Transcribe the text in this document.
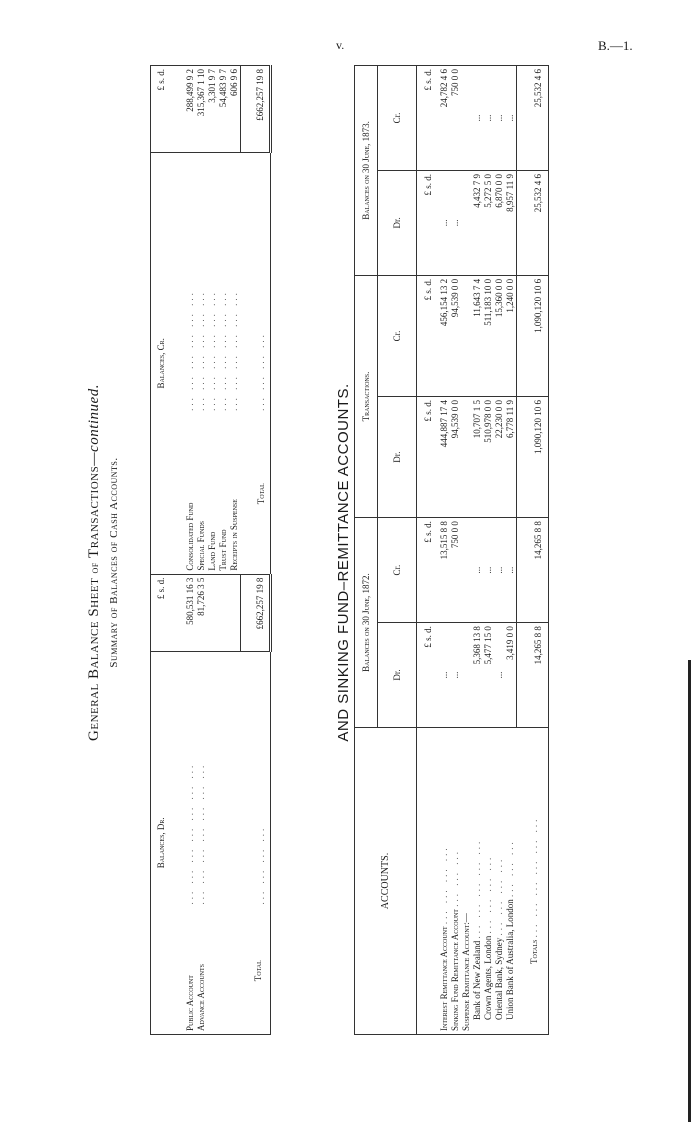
v.	B.—1.
General Balance Sheet of Transactions—continued.
Summary of Balances of Cash Accounts.
Balances, Dr.		£ s. d.	Balances, Cr.		£ s. d.
Public Account	... ... ... ... ... ... ...	580,531 16 3	Consolidated Fund	... ... ... ... ... ...	288,499 9 2
Advance Accounts	... ... ... ... ... ... ...	81,726 3 5	Special Funds	... ... ... ... ... ...	315,367 1 10
			Land Fund	... ... ... ... ... ...	3,301 9 7
			Trust Fund	... ... ... ... ... ...	54,483 9 7
			Receipts in Suspense	... ... ... ... ... ...	606 9 6
Total	... ... ... ...	£662,257 19 8	Total	... ... ... ...	£662,257 19 8
AND SINKING FUND–REMITTANCE ACCOUNTS.
ACCOUNTS.	Balances on 30 June, 1872.		Transactions.		Balances on 30 June, 1873.	
	Dr.	Cr.	Dr.	Cr.	Dr.	Cr.
	£ s. d.	£ s. d.	£ s. d.	£ s. d.	£ s. d.	£ s. d.
Interest Remittance Account ... ... ... ...	...	13,515 8 8	444,887 17 4	456,154 13 2	...	24,782 4 6
Sinking Fund Remittance Account ... ... ...	...	750 0 0	94,539 0 0	94,539 0 0	...	750 0 0
Suspense Remittance Account:—						
Bank of New Zealand ... ... ... ... ...	5,368 13 8	...	10,707 1 5	11,643 7 4	4,432 7 9	...
Crown Agents, London ... ... ... ...	5,477 15 0	...	510,978 0 0	511,183 10 0	5,272 5 0	...
Oriental Bank, Sydney ... ... ... ...	...	...	22,230 0 0	15,360 0 0	6,870 0 0	...
Union Bank of Australia, London ... ... ...	3,419 0 0	...	6,778 11 9	1,240 0 0	8,957 11 9	...
Totals ... ... ... ... ... ...	14,265 8 8	14,265 8 8	1,090,120 10 6	1,090,120 10 6	25,532 4 6	25,532 4 6
